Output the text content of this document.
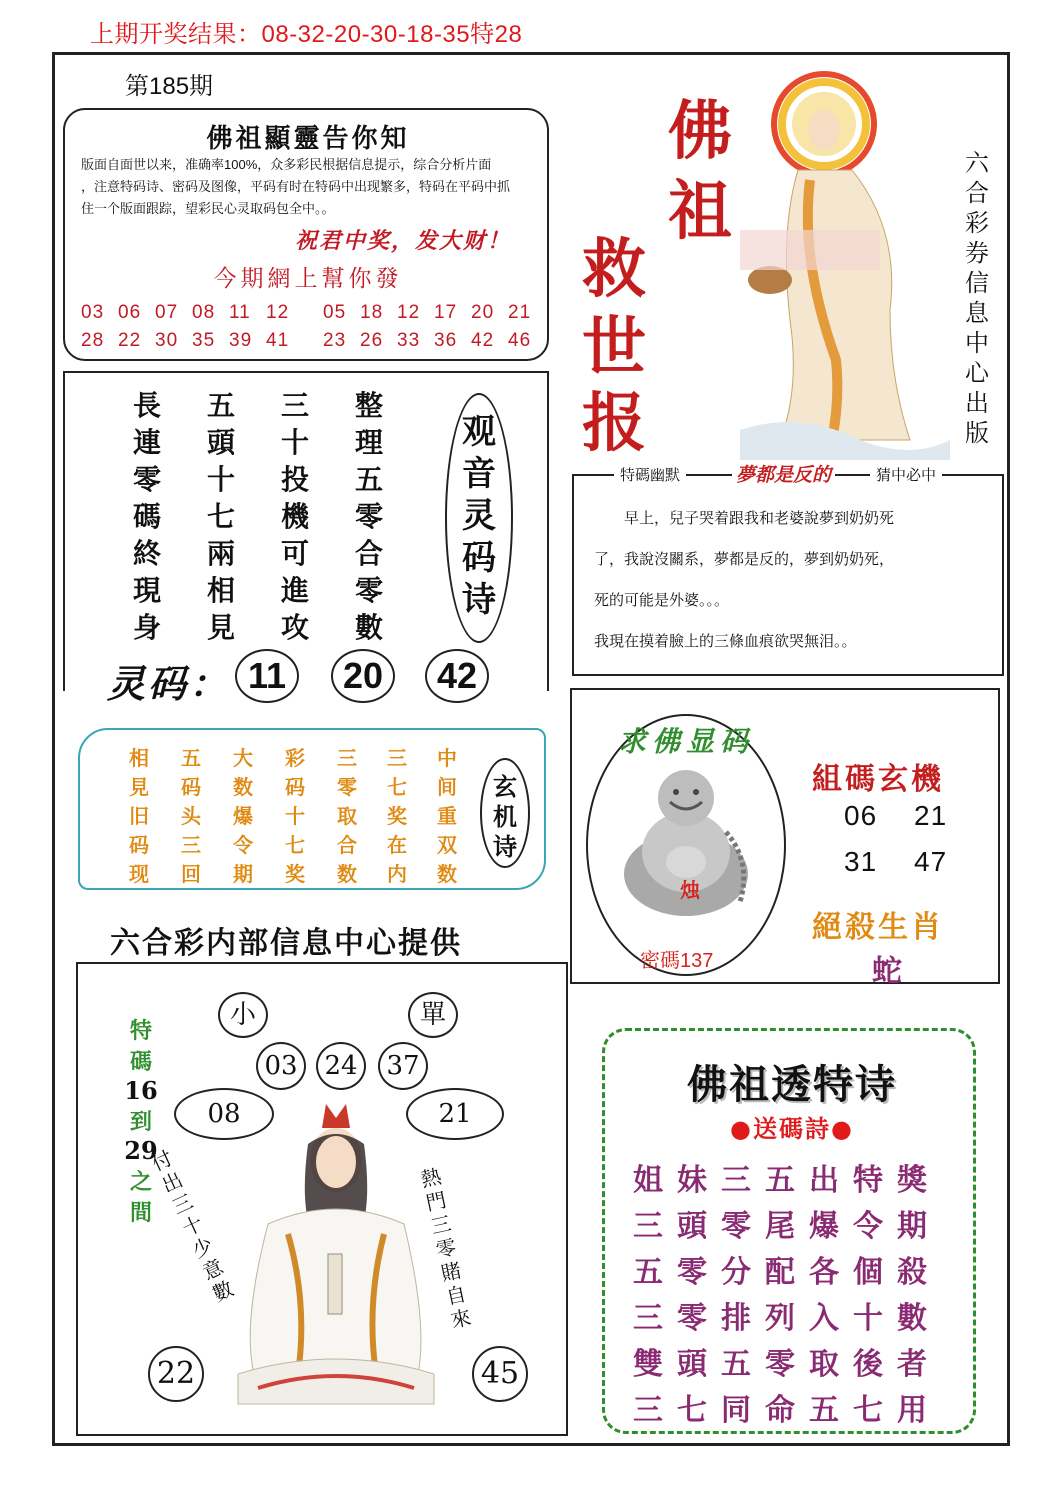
上期开奖结果：08-32-20-30-18-35特28
第185期
佛祖顯靈告你知
版面自面世以来，准确率100%，众多彩民根据信息提示，综合分析片面
，注意特码诗、密码及图像，平码有时在特码中出现繁多，特码在平码中抓
住一个版面跟踪，望彩民心灵取码包全中。。
祝君中奖，发大财！
今期網上幫你發
03 06 07 08 11 12	05 18 12 17 20 21
28 22 30 35 39 41	23 26 33 36 42 46
長
連
零
碼
終
現
身
五
頭
十
七
兩
相
見
三
十
投
機
可
進
攻
整
理
五
零
合
零
數
观
音
灵
码
诗
灵码： 11	20	42
佛
祖
救
世
报
六
合
彩
券
信
息
中
心
出
版
特碼幽默	夢都是反的	猜中必中
早上，兒子哭着跟我和老婆說夢到奶奶死
了，我說沒關系，夢都是反的，夢到奶奶死，
死的可能是外婆。。。
我現在摸着臉上的三條血痕欲哭無泪。。
相
見
旧
码
现
五
码
头
三
回
大
数
爆
令
期
彩
码
十
七
奖
三
零
取
合
数
三
七
奖
在
内
中
间
重
双
数
玄
机
诗
六合彩内部信息中心提供
求佛显码
烛
密碼137
組碼玄機
06 21
31 47
絕殺生肖
蛇
小	單
03	24	37
08	21
22	45
特
碼
16
到
29
之
間
付出三十少意數
熱門三零賭自來
佛祖透特诗
●送碼詩●
姐妹三五出特獎
三頭零尾爆令期
五零分配各個殺
三零排列入十數
雙頭五零取後者
三七同命五七用
